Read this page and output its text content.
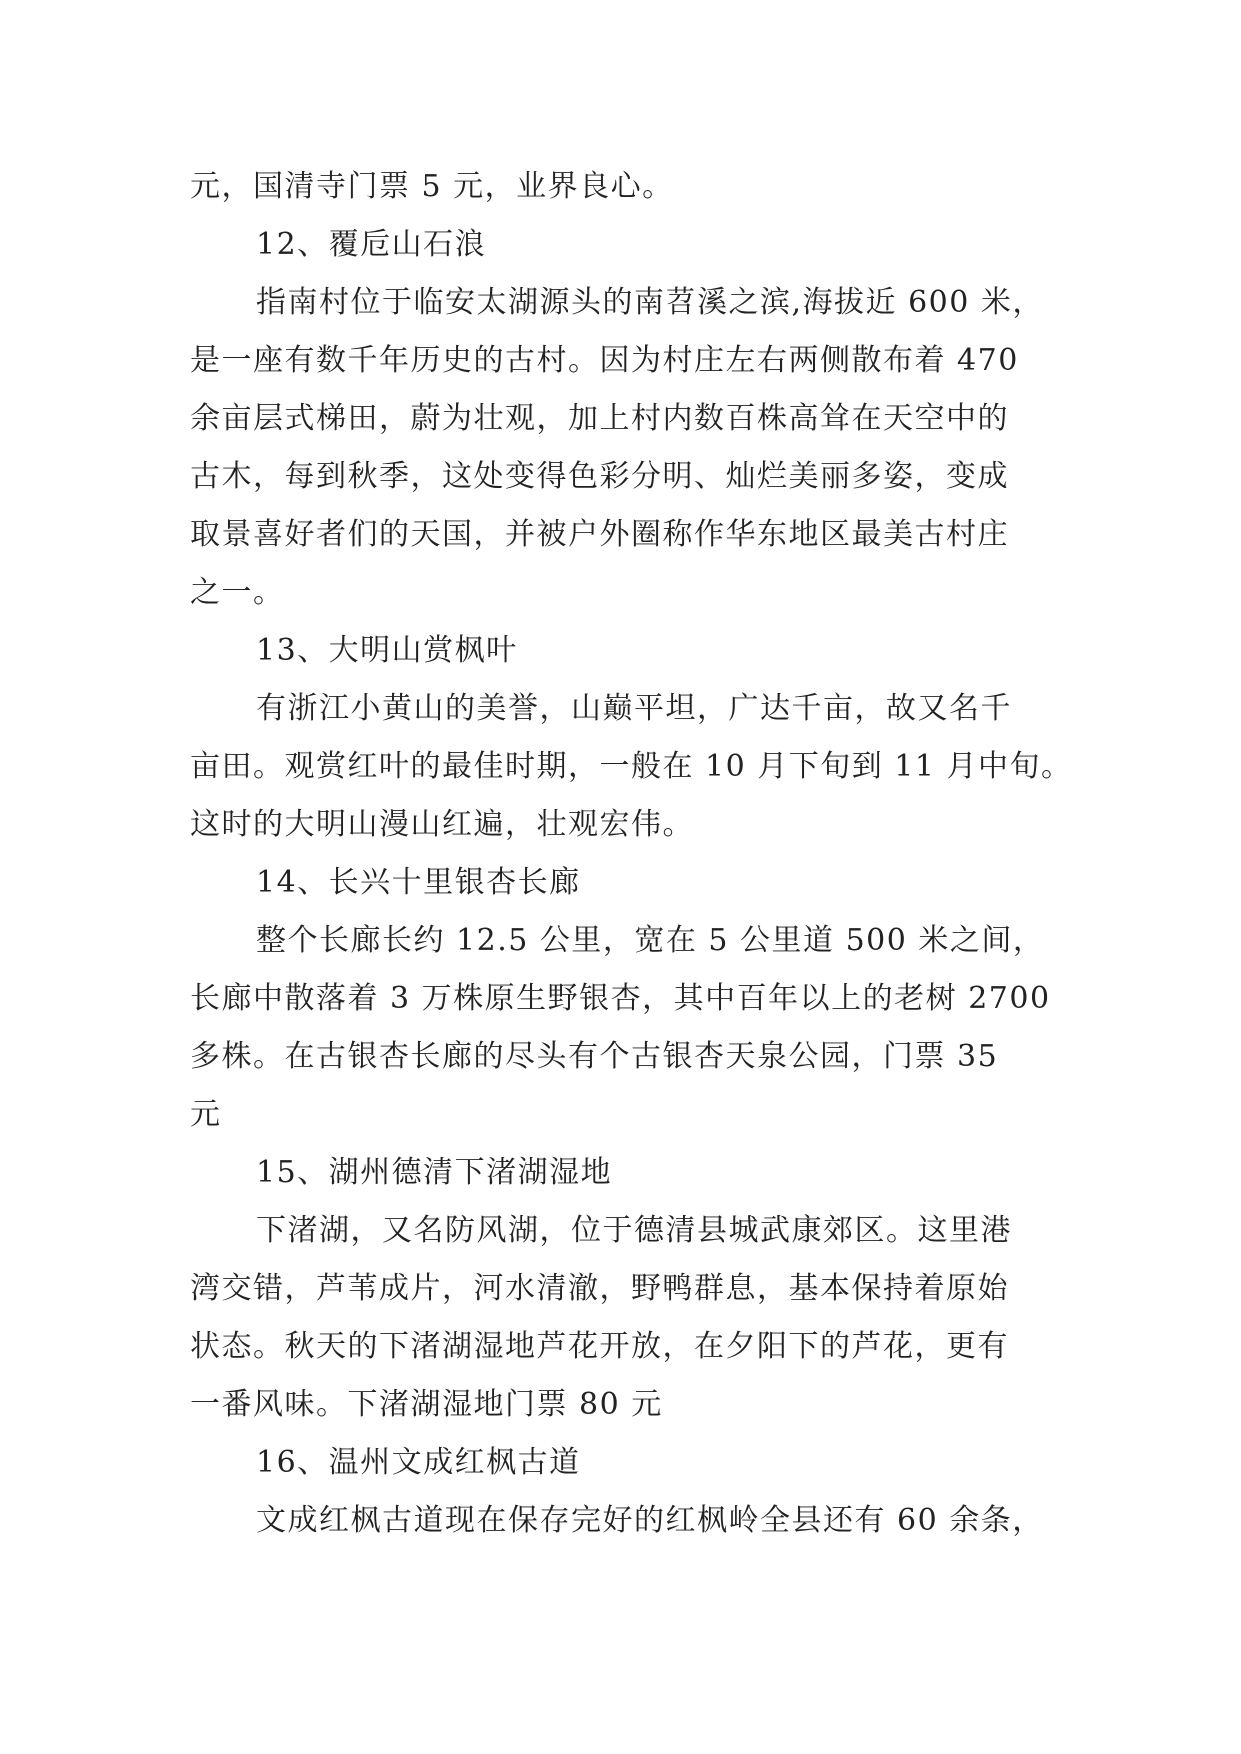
元，国清寺门票 5 元，业界良心。
12、覆卮山石浪
指南村位于临安太湖源头的南苕溪之滨,海拔近 600 米，
是一座有数千年历史的古村。因为村庄左右两侧散布着 470
余亩层式梯田，蔚为壮观，加上村内数百株高耸在天空中的
古木，每到秋季，这处变得色彩分明、灿烂美丽多姿，变成
取景喜好者们的天国，并被户外圈称作华东地区最美古村庄
之一。
13、大明山赏枫叶
有浙江小黄山的美誉，山巅平坦，广达千亩，故又名千
亩田。观赏红叶的最佳时期，一般在 10 月下旬到 11 月中旬。
这时的大明山漫山红遍，壮观宏伟。
14、长兴十里银杏长廊
整个长廊长约 12.5 公里，宽在 5 公里道 500 米之间，
长廊中散落着 3 万株原生野银杏，其中百年以上的老树 2700
多株。在古银杏长廊的尽头有个古银杏天泉公园，门票 35
元
15、湖州德清下渚湖湿地
下渚湖，又名防风湖，位于德清县城武康郊区。这里港
湾交错，芦苇成片，河水清澈，野鸭群息，基本保持着原始
状态。秋天的下渚湖湿地芦花开放，在夕阳下的芦花，更有
一番风味。下渚湖湿地门票 80 元
16、温州文成红枫古道
文成红枫古道现在保存完好的红枫岭全县还有 60 余条，
